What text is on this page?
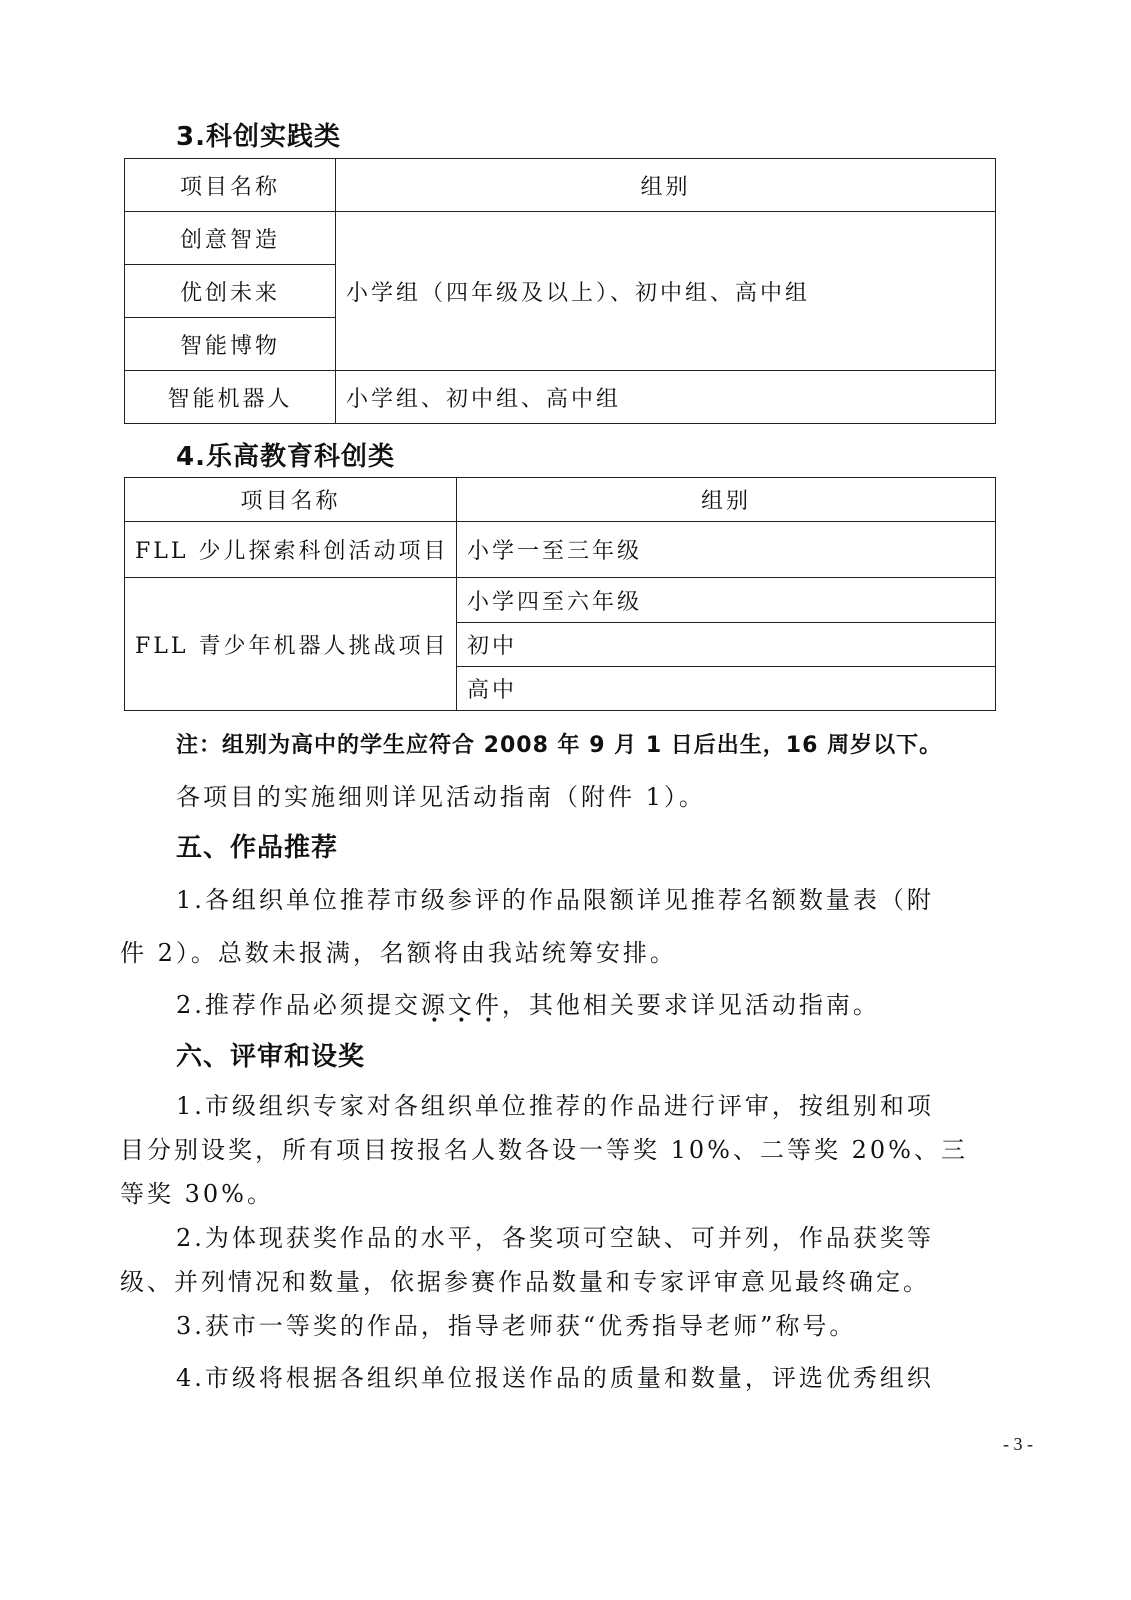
3.科创实践类
项目名称	组别
创意智造	小学组（四年级及以上）、初中组、高中组
优创未来	
智能博物	
智能机器人	小学组、初中组、高中组
4.乐高教育科创类
项目名称	组别
FLL 少儿探索科创活动项目	小学一至三年级
FLL 青少年机器人挑战项目	小学四至六年级
	初中
	高中
注：组别为高中的学生应符合 2008 年 9 月 1 日后出生，16 周岁以下。
各项目的实施细则详见活动指南（附件 1）。
五、作品推荐
1.各组织单位推荐市级参评的作品限额详见推荐名额数量表（附
件 2）。总数未报满，名额将由我站统筹安排。
2.推荐作品必须提交源文件，其他相关要求详见活动指南。
六、评审和设奖
1.市级组织专家对各组织单位推荐的作品进行评审，按组别和项
目分别设奖，所有项目按报名人数各设一等奖 10%、二等奖 20%、三
等奖 30%。
2.为体现获奖作品的水平，各奖项可空缺、可并列，作品获奖等
级、并列情况和数量，依据参赛作品数量和专家评审意见最终确定。
3.获市一等奖的作品，指导老师获“优秀指导老师”称号。
4.市级将根据各组织单位报送作品的质量和数量，评选优秀组织
- 3 -
